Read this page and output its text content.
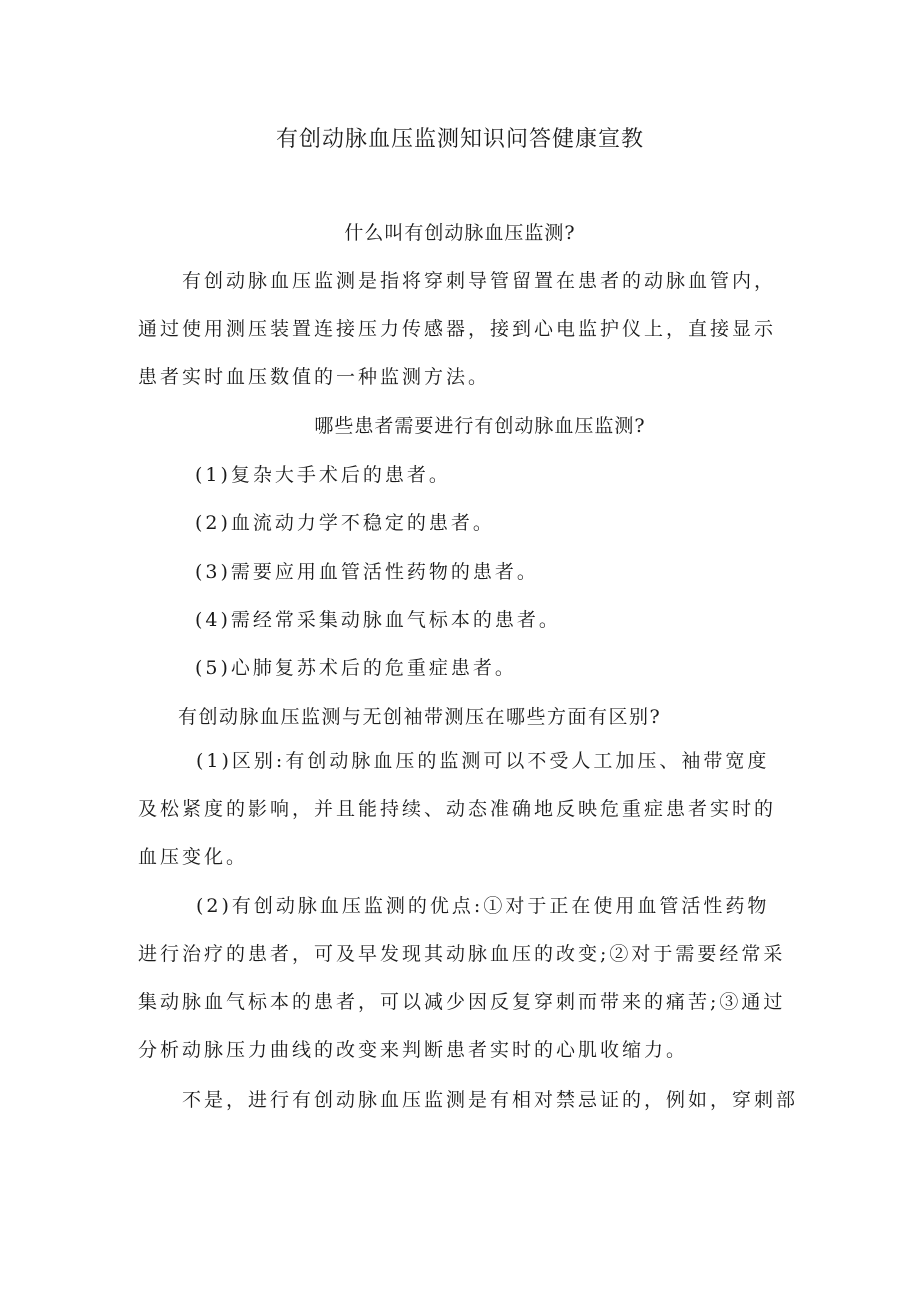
有创动脉血压监测知识问答健康宣教
什么叫有创动脉血压监测?

有创动脉血压监测是指将穿刺导管留置在患者的动脉血管内，通过使用测压装置连接压力传感器，接到心电监护仪上，直接显示患者实时血压数值的一种监测方法。

哪些患者需要进行有创动脉血压监测?
(1)复杂大手术后的患者。
(2)血流动力学不稳定的患者。
(3)需要应用血管活性药物的患者。
(4)需经常采集动脉血气标本的患者。
(5)心肺复苏术后的危重症患者。
有创动脉血压监测与无创袖带测压在哪些方面有区别?

(1)区别:有创动脉血压的监测可以不受人工加压、袖带宽度及松紧度的影响，并且能持续、动态准确地反映危重症患者实时的血压变化。

(2)有创动脉血压监测的优点:①对于正在使用血管活性药物进行治疗的患者，可及早发现其动脉血压的改变;②对于需要经常采集动脉血气标本的患者，可以减少因反复穿刺而带来的痛苦;③通过分析动脉压力曲线的改变来判断患者实时的心肌收缩力。

不是，进行有创动脉血压监测是有相对禁忌证的，例如，穿刺部
